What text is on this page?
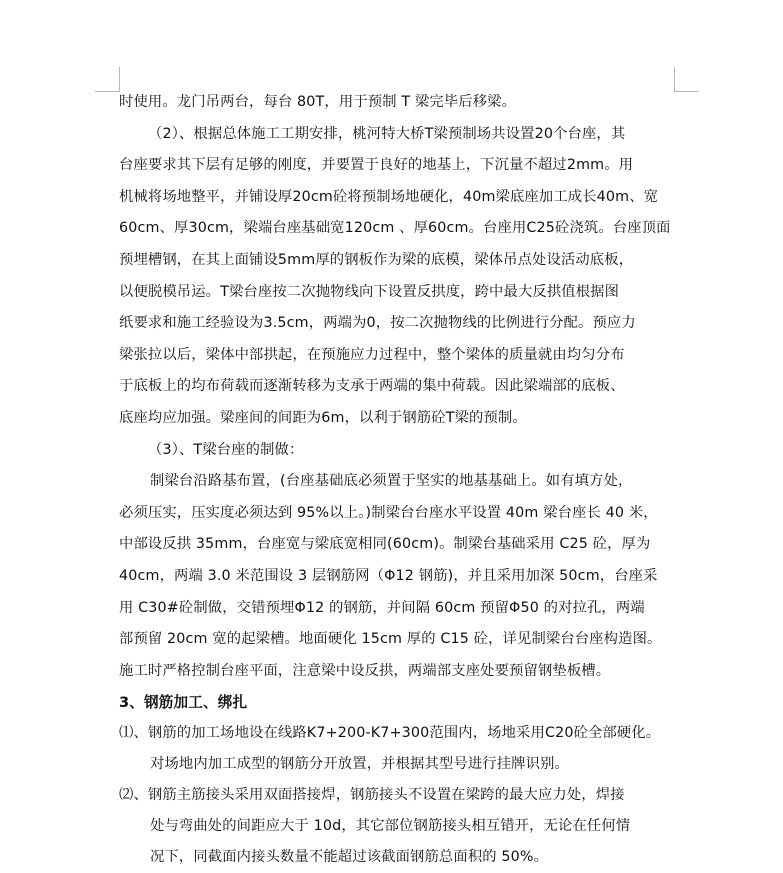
时使用。龙门吊两台，每台 80T，用于预制 T 梁完毕后移梁。
（2）、根据总体施工工期安排，桃河特大桥T梁预制场共设置20个台座，其
台座要求其下层有足够的刚度，并要置于良好的地基上，下沉量不超过2mm。用
机械将场地整平，并铺设厚20cm砼将预制场地硬化，40m梁底座加工成长40m、宽
60cm、厚30cm，梁端台座基础宽120cm 、厚60cm。台座用C25砼浇筑。台座顶面
预埋槽钢，在其上面铺设5mm厚的钢板作为梁的底模，梁体吊点处设活动底板，
以便脱模吊运。T梁台座按二次抛物线向下设置反拱度，跨中最大反拱值根据图
纸要求和施工经验设为3.5cm，两端为0，按二次抛物线的比例进行分配。预应力
梁张拉以后，梁体中部拱起，在预施应力过程中，整个梁体的质量就由均匀分布
于底板上的均布荷载而逐渐转移为支承于两端的集中荷载。因此梁端部的底板、
底座均应加强。梁座间的间距为6m，以利于钢筋砼T梁的预制。
（3）、T梁台座的制做：
制梁台沿路基布置，(台座基础底必须置于坚实的地基基础上。如有填方处，
必须压实，压实度必须达到 95%以上。)制梁台台座水平设置 40m 梁台座长 40 米，
中部设反拱 35mm，台座宽与梁底宽相同(60cm)。制梁台基础采用 C25 砼，厚为
40cm，两端 3.0 米范围设 3 层钢筋网（Φ12 钢筋)，并且采用加深 50cm，台座采
用 C30#砼制做，交错预埋Φ12 的钢筋，并间隔 60cm 预留Φ50 的对拉孔，两端
部预留 20cm 宽的起梁槽。地面硬化 15cm 厚的 C15 砼，详见制梁台台座构造图。
施工时严格控制台座平面，注意梁中设反拱，两端部支座处要预留钢垫板槽。
3、钢筋加工、绑扎
⑴、钢筋的加工场地设在线路K7+200-K7+300范围内，场地采用C20砼全部硬化。
对场地内加工成型的钢筋分开放置，并根据其型号进行挂牌识别。
⑵、钢筋主筋接头采用双面搭接焊，钢筋接头不设置在梁跨的最大应力处，焊接
处与弯曲处的间距应大于 10d，其它部位钢筋接头相互错开，无论在任何情
况下，同截面内接头数量不能超过该截面钢筋总面积的 50%。
